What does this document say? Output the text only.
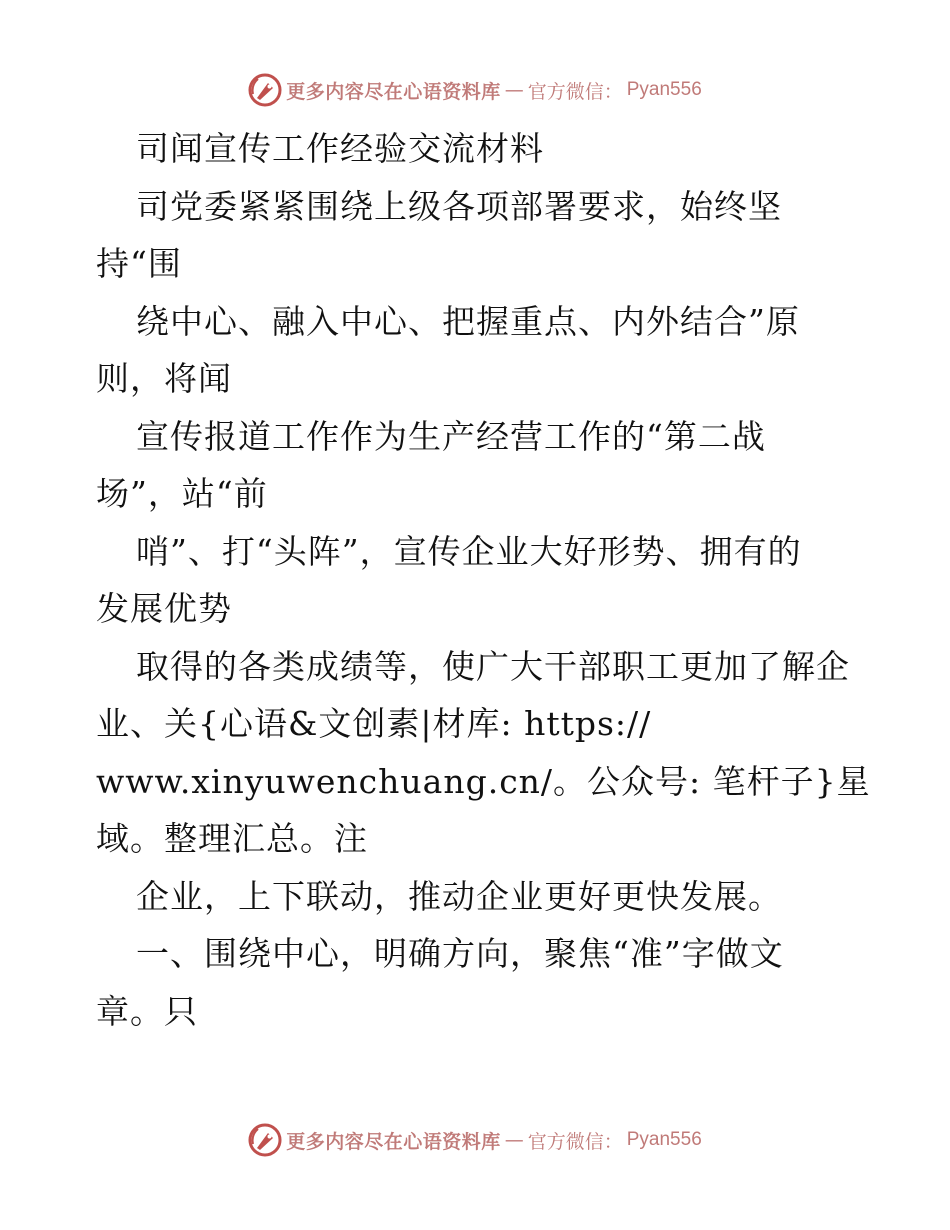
更多内容尽在心语资料库 — 官方微信： Pyan556
司闻宣传工作经验交流材料
司党委紧紧围绕上级各项部署要求，始终坚
持“围
绕中心、融入中心、把握重点、内外结合”原
则，将闻
宣传报道工作作为生产经营工作的“第二战
场”，站“前
哨”、打“头阵”，宣传企业大好形势、拥有的
发展优势
取得的各类成绩等，使广大干部职工更加了解企
业、关{心语&文创素|材库: https://
www.xinyuwenchuang.cn/。公众号: 笔杆子}星
域。整理汇总。注
企业，上下联动，推动企业更好更快发展。
一、围绕中心，明确方向，聚焦“准”字做文
章。只
更多内容尽在心语资料库 — 官方微信： Pyan556
